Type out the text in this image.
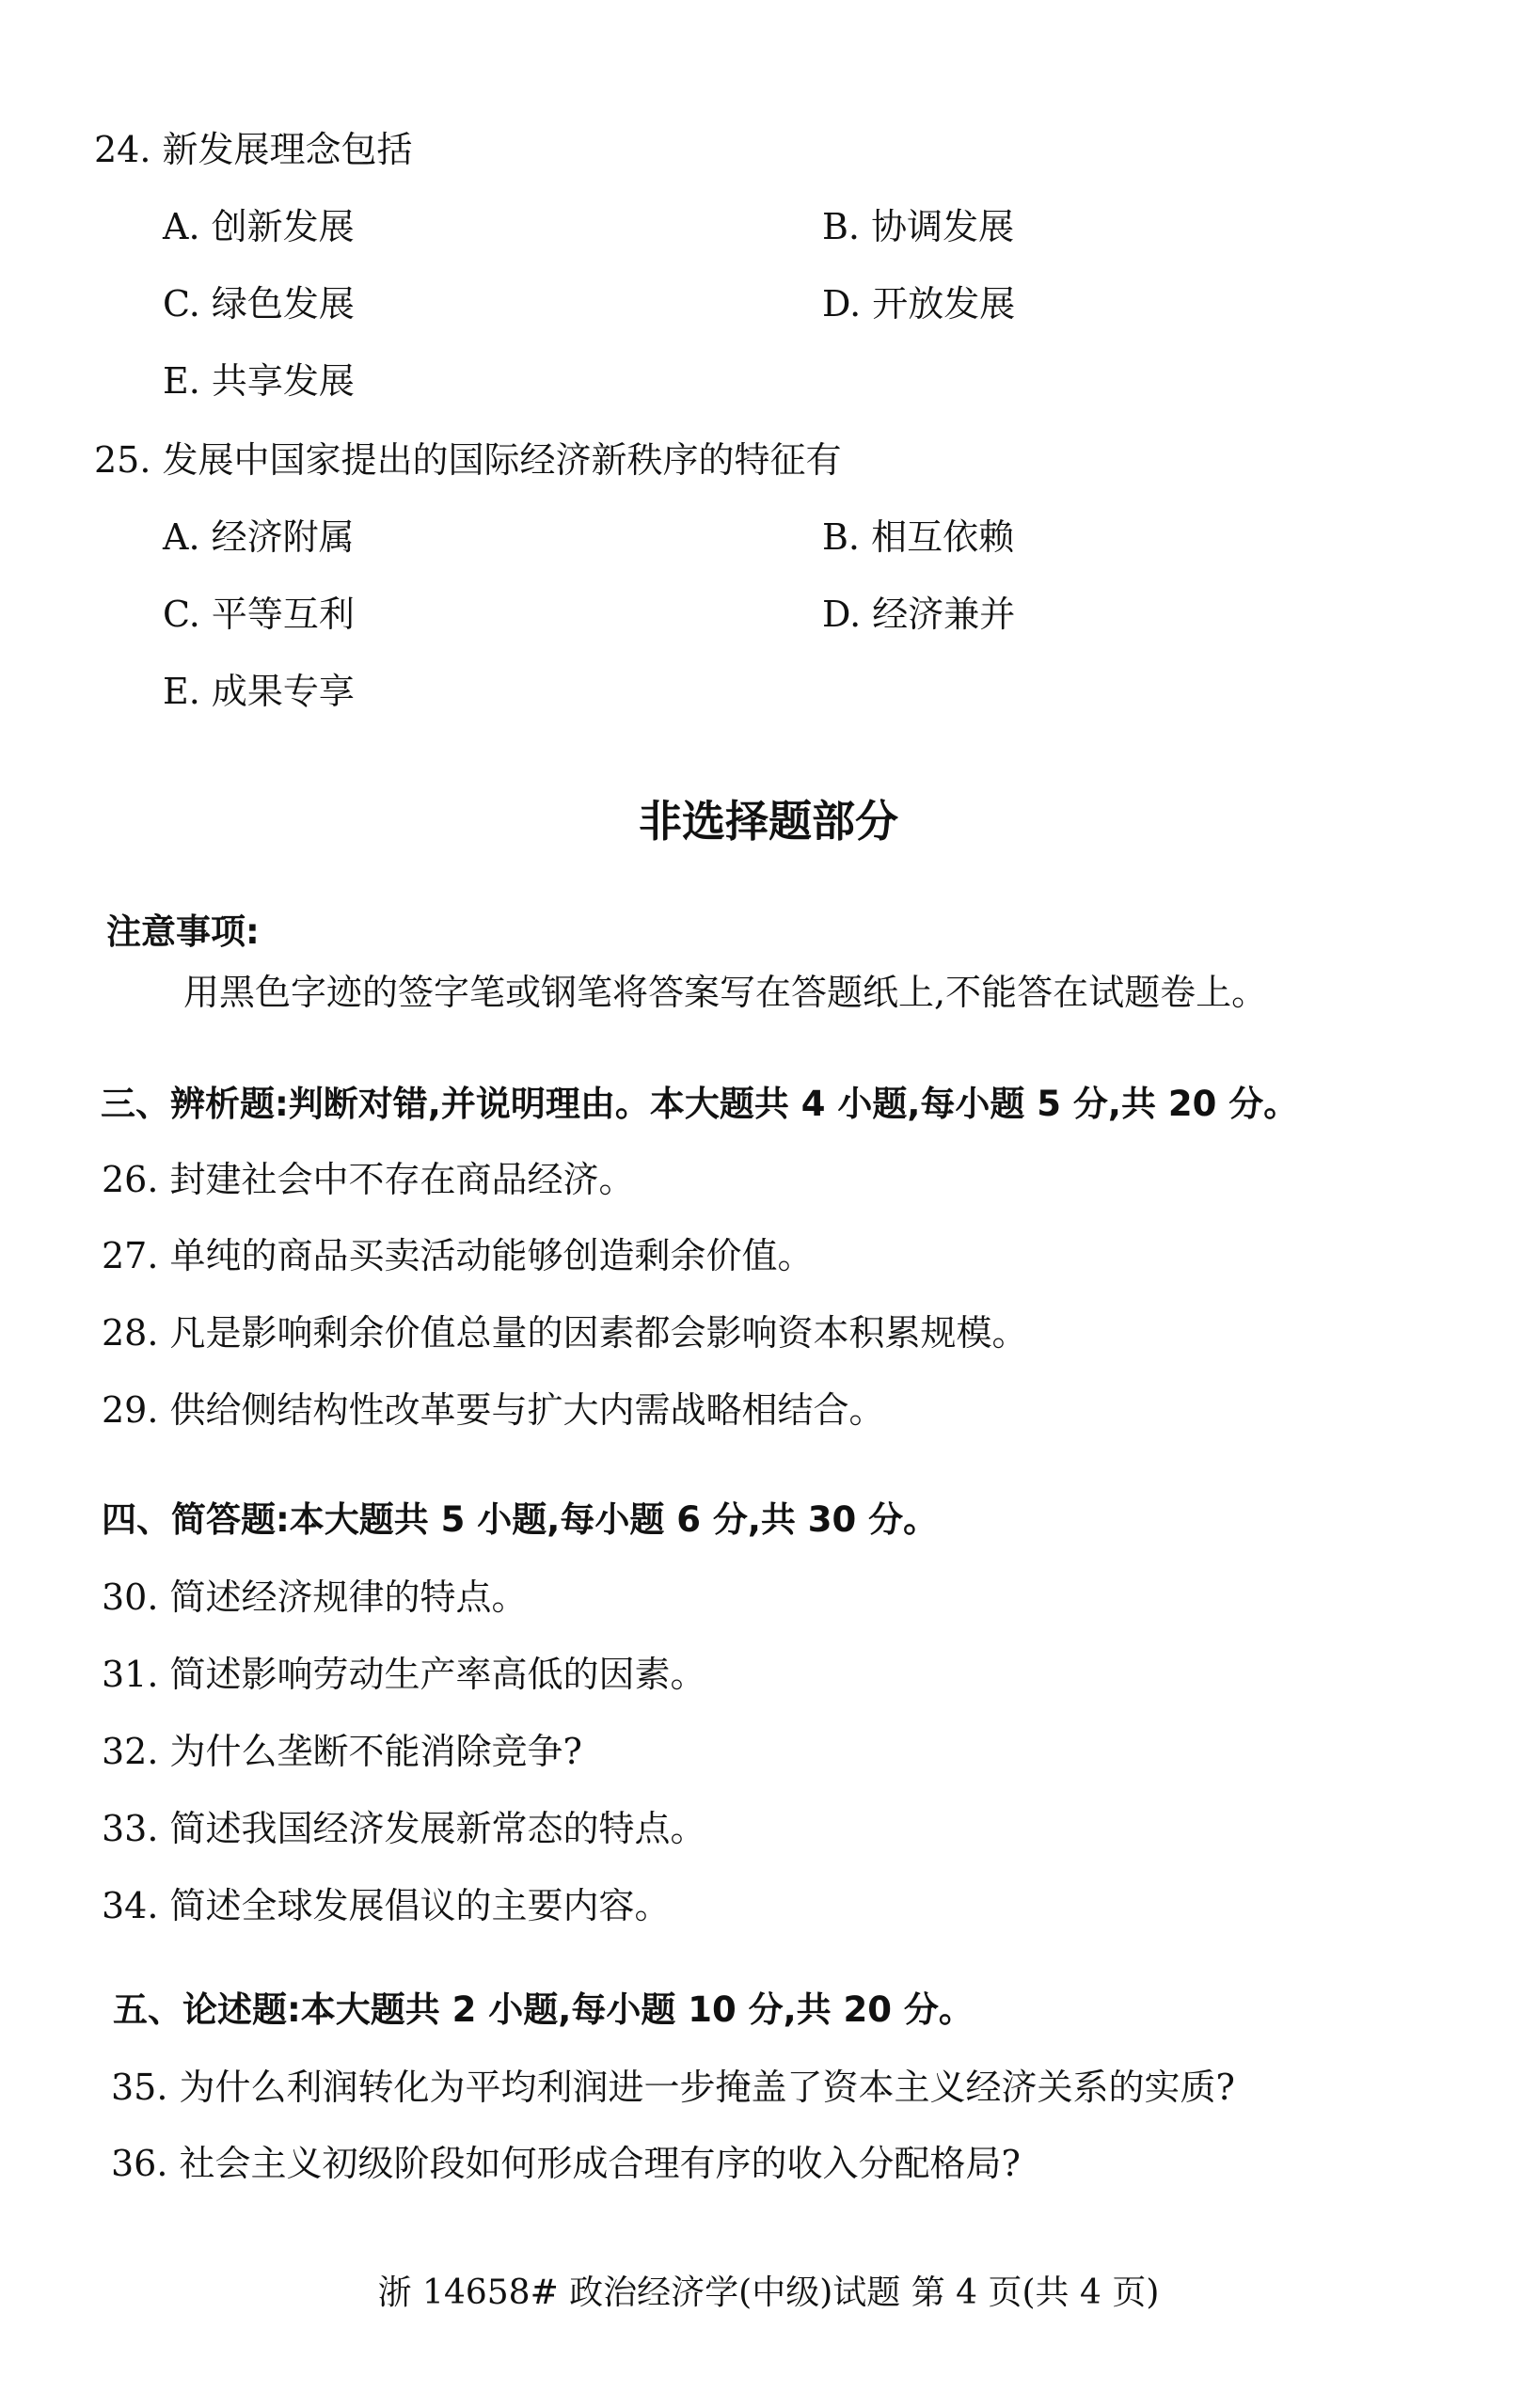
24. 新发展理念包括
A. 创新发展	B. 协调发展
C. 绿色发展	D. 开放发展
E. 共享发展
25. 发展中国家提出的国际经济新秩序的特征有
A. 经济附属	B. 相互依赖
C. 平等互利	D. 经济兼并
E. 成果专享
非选择题部分
注意事项:
用黑色字迹的签字笔或钢笔将答案写在答题纸上,不能答在试题卷上。
三、辨析题:判断对错,并说明理由。本大题共 4 小题,每小题 5 分,共 20 分。
26. 封建社会中不存在商品经济。
27. 单纯的商品买卖活动能够创造剩余价值。
28. 凡是影响剩余价值总量的因素都会影响资本积累规模。
29. 供给侧结构性改革要与扩大内需战略相结合。
四、简答题:本大题共 5 小题,每小题 6 分,共 30 分。
30. 简述经济规律的特点。
31. 简述影响劳动生产率高低的因素。
32. 为什么垄断不能消除竞争?
33. 简述我国经济发展新常态的特点。
34. 简述全球发展倡议的主要内容。
五、论述题:本大题共 2 小题,每小题 10 分,共 20 分。
35. 为什么利润转化为平均利润进一步掩盖了资本主义经济关系的实质?
36. 社会主义初级阶段如何形成合理有序的收入分配格局?
浙 14658# 政治经济学(中级)试题 第 4 页(共 4 页)
